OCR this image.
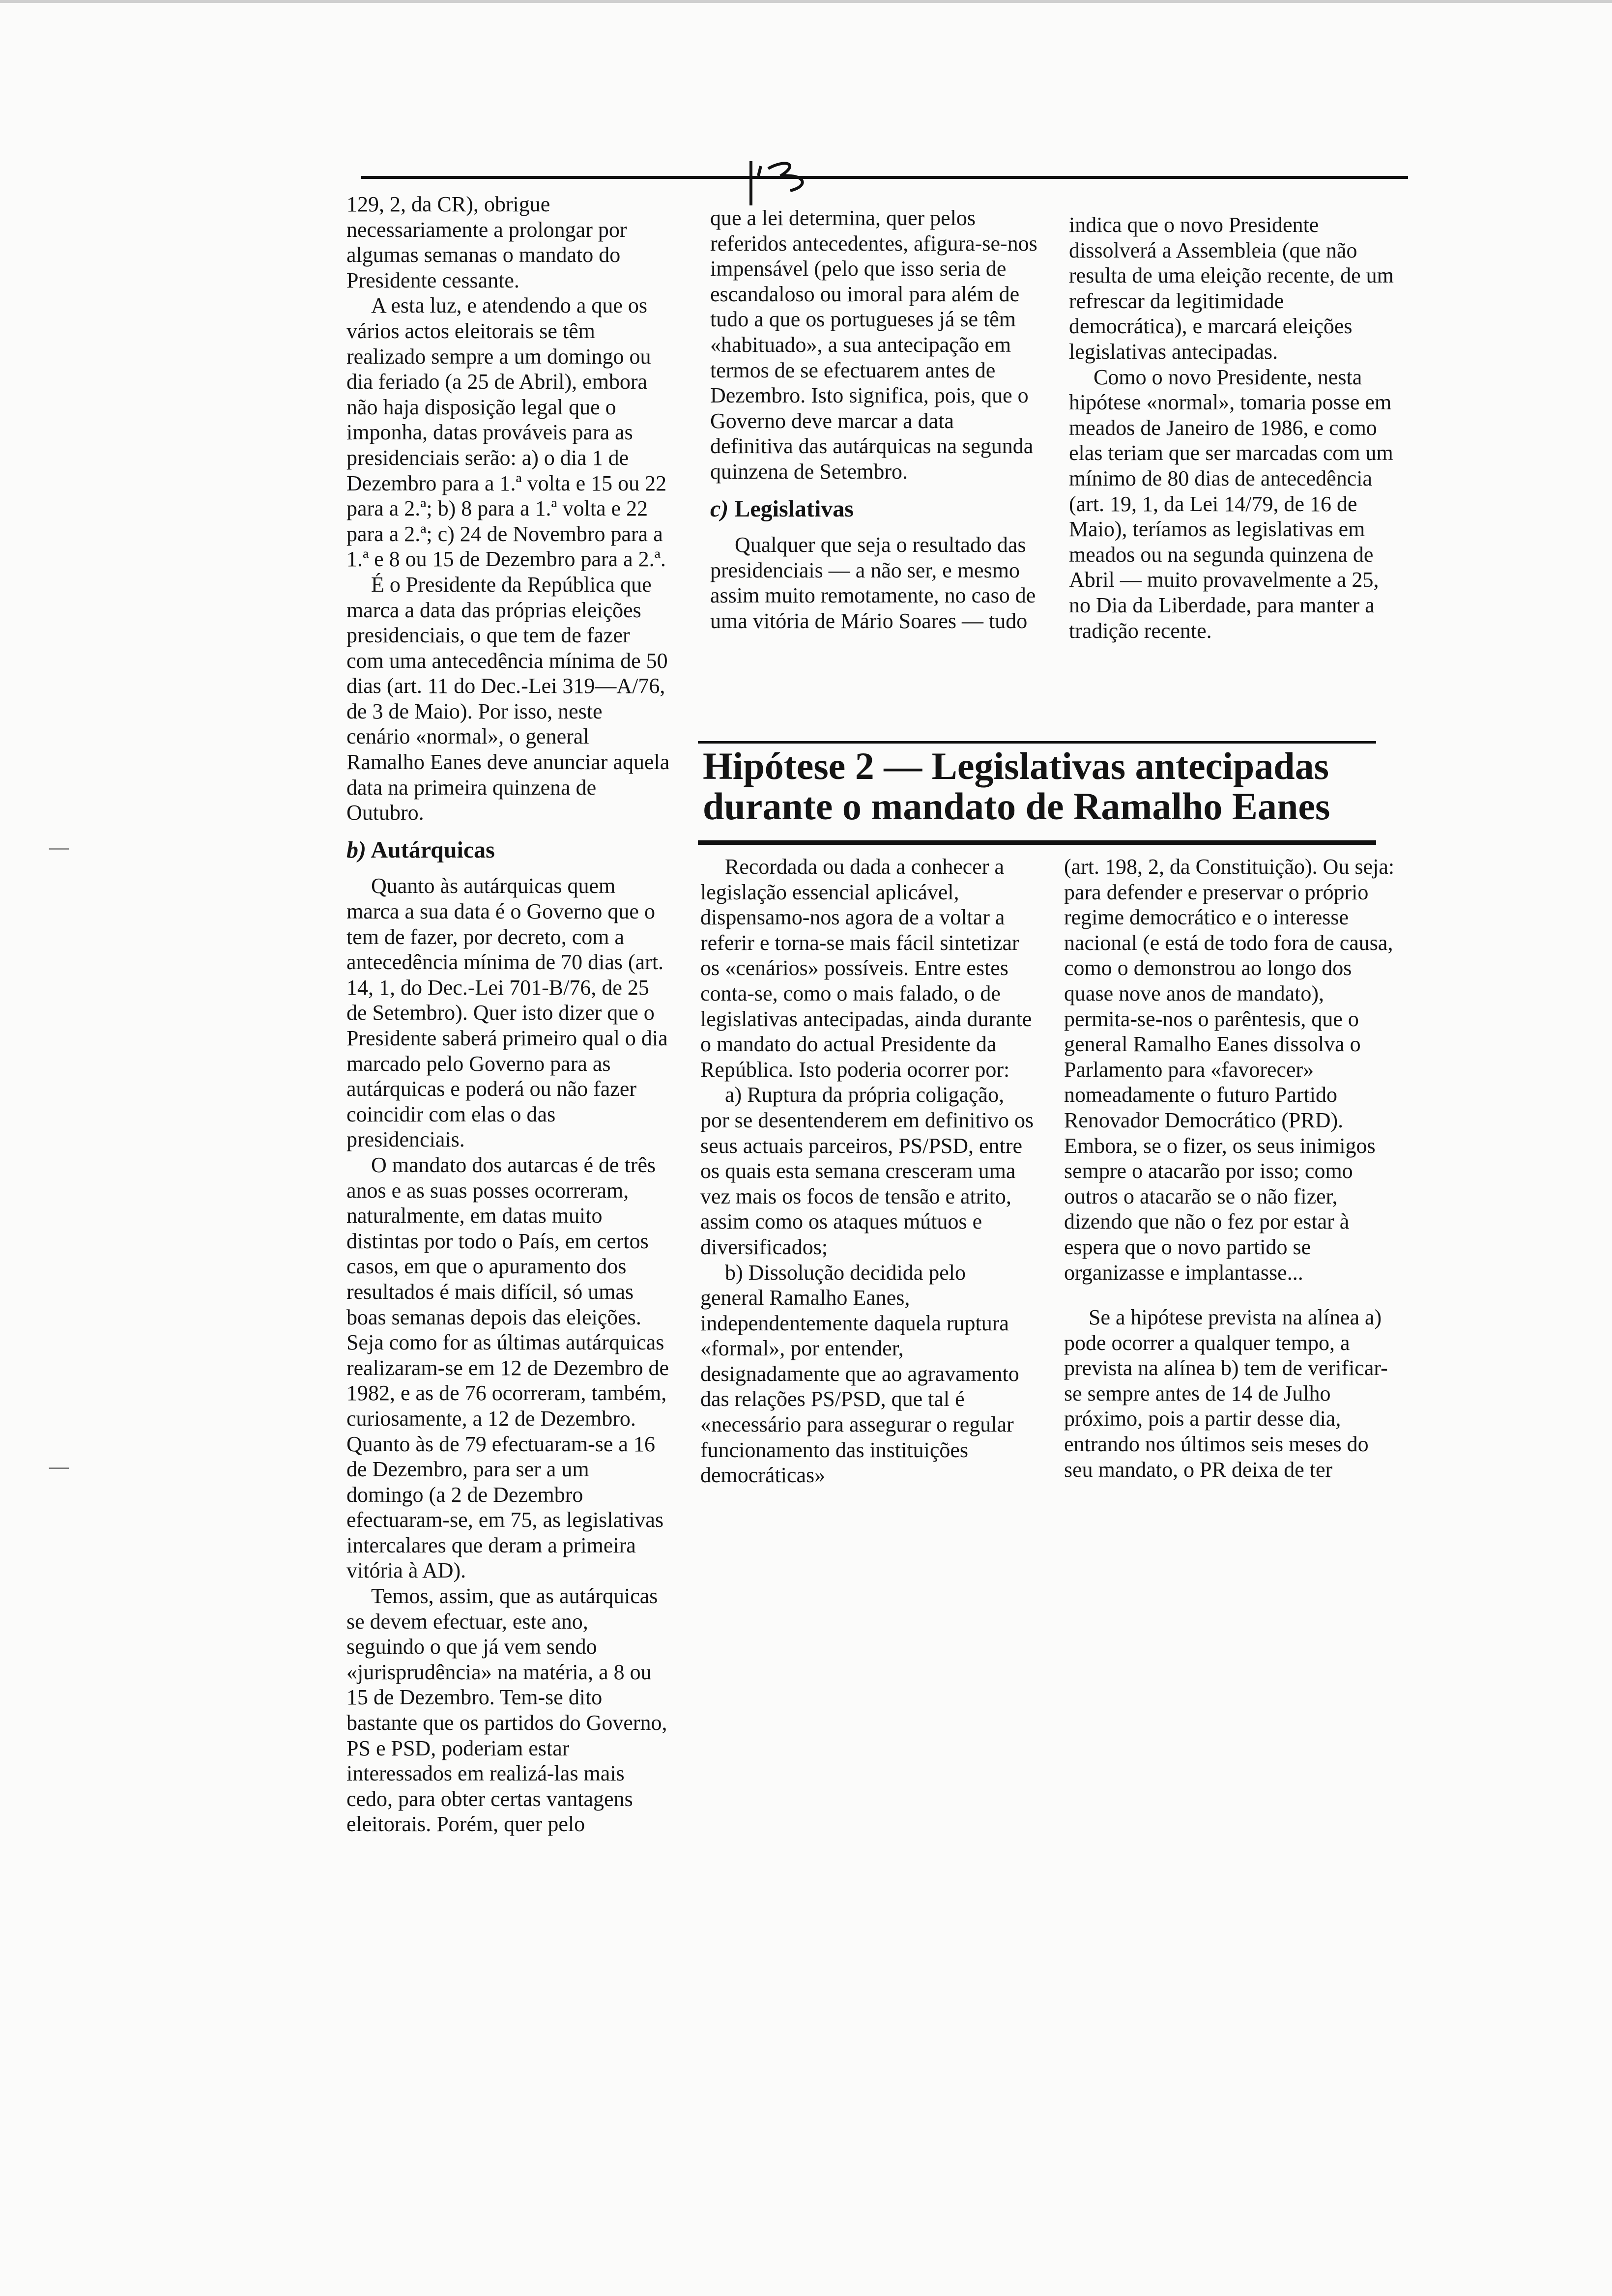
129, 2, da CR), obrigue necessariamente a prolongar por algumas semanas o mandato do Presidente cessante.

A esta luz, e atendendo a que os vários actos eleitorais se têm realizado sempre a um domingo ou dia feriado (a 25 de Abril), embora não haja disposição legal que o imponha, datas prováveis para as presidenciais serão: a) o dia 1 de Dezembro para a 1.ª volta e 15 ou 22 para a 2.ª; b) 8 para a 1.ª volta e 22 para a 2.ª; c) 24 de Novembro para a 1.ª e 8 ou 15 de Dezembro para a 2.ª.

É o Presidente da República que marca a data das próprias eleições presidenciais, o que tem de fazer com uma antecedência mínima de 50 dias (art. 11 do Dec.-Lei 319—A/76, de 3 de Maio). Por isso, neste cenário «normal», o general Ramalho Eanes deve anunciar aquela data na primeira quinzena de Outubro.

b) Autárquicas

Quanto às autárquicas quem marca a sua data é o Governo que o tem de fazer, por decreto, com a antecedência mínima de 70 dias (art. 14, 1, do Dec.-Lei 701-B/76, de 25 de Setembro). Quer isto dizer que o Presidente saberá primeiro qual o dia marcado pelo Governo para as autárquicas e poderá ou não fazer coincidir com elas o das presidenciais.

O mandato dos autarcas é de três anos e as suas posses ocorreram, naturalmente, em datas muito distintas por todo o País, em certos casos, em que o apuramento dos resultados é mais difícil, só umas boas semanas depois das eleições. Seja como for as últimas autárquicas realizaram-se em 12 de Dezembro de 1982, e as de 76 ocorreram, também, curiosamente, a 12 de Dezembro. Quanto às de 79 efectuaram-se a 16 de Dezembro, para ser a um domingo (a 2 de Dezembro efectuaram-se, em 75, as legislativas intercalares que deram a primeira vitória à AD).

Temos, assim, que as autárquicas se devem efectuar, este ano, seguindo o que já vem sendo «jurisprudência» na matéria, a 8 ou 15 de Dezembro. Tem-se dito bastante que os partidos do Governo, PS e PSD, poderiam estar interessados em realizá-las mais cedo, para obter certas vantagens eleitorais. Porém, quer pelo

que a lei determina, quer pelos referidos antecedentes, afigura-se-nos impensável (pelo que isso seria de escandaloso ou imoral para além de tudo a que os portugueses já se têm «habituado», a sua antecipação em termos de se efectuarem antes de Dezembro. Isto significa, pois, que o Governo deve marcar a data definitiva das autárquicas na segunda quinzena de Setembro.

c) Legislativas

Qualquer que seja o resultado das presidenciais — a não ser, e mesmo assim muito remotamente, no caso de uma vitória de Mário Soares — tudo

indica que o novo Presidente dissolverá a Assembleia (que não resulta de uma eleição recente, de um refrescar da legitimidade democrática), e marcará eleições legislativas antecipadas.

Como o novo Presidente, nesta hipótese «normal», tomaria posse em meados de Janeiro de 1986, e como elas teriam que ser marcadas com um mínimo de 80 dias de antecedência (art. 19, 1, da Lei 14/79, de 16 de Maio), teríamos as legislativas em meados ou na segunda quinzena de Abril — muito provavelmente a 25, no Dia da Liberdade, para manter a tradição recente.

Hipótese 2 — Legislativas antecipadas durante o mandato de Ramalho Eanes

Recordada ou dada a conhecer a legislação essencial aplicável, dispensamo-nos agora de a voltar a referir e torna-se mais fácil sintetizar os «cenários» possíveis. Entre estes conta-se, como o mais falado, o de legislativas antecipadas, ainda durante o mandato do actual Presidente da República. Isto poderia ocorrer por:

a) Ruptura da própria coligação, por se desentenderem em definitivo os seus actuais parceiros, PS/PSD, entre os quais esta semana cresceram uma vez mais os focos de tensão e atrito, assim como os ataques mútuos e diversificados;

b) Dissolução decidida pelo general Ramalho Eanes, independentemente daquela ruptura «formal», por entender, designadamente que ao agravamento das relações PS/PSD, que tal é «necessário para assegurar o regular funcionamento das instituições democráticas»

(art. 198, 2, da Constituição). Ou seja: para defender e preservar o próprio regime democrático e o interesse nacional (e está de todo fora de causa, como o demonstrou ao longo dos quase nove anos de mandato), permita-se-nos o parêntesis, que o general Ramalho Eanes dissolva o Parlamento para «favorecer» nomeadamente o futuro Partido Renovador Democrático (PRD). Embora, se o fizer, os seus inimigos sempre o atacarão por isso; como outros o atacarão se o não fizer, dizendo que não o fez por estar à espera que o novo partido se organizasse e implantasse...

Se a hipótese prevista na alínea a) pode ocorrer a qualquer tempo, a prevista na alínea b) tem de verificar-se sempre antes de 14 de Julho próximo, pois a partir desse dia, entrando nos últimos seis meses do seu mandato, o PR deixa de ter

—
—
